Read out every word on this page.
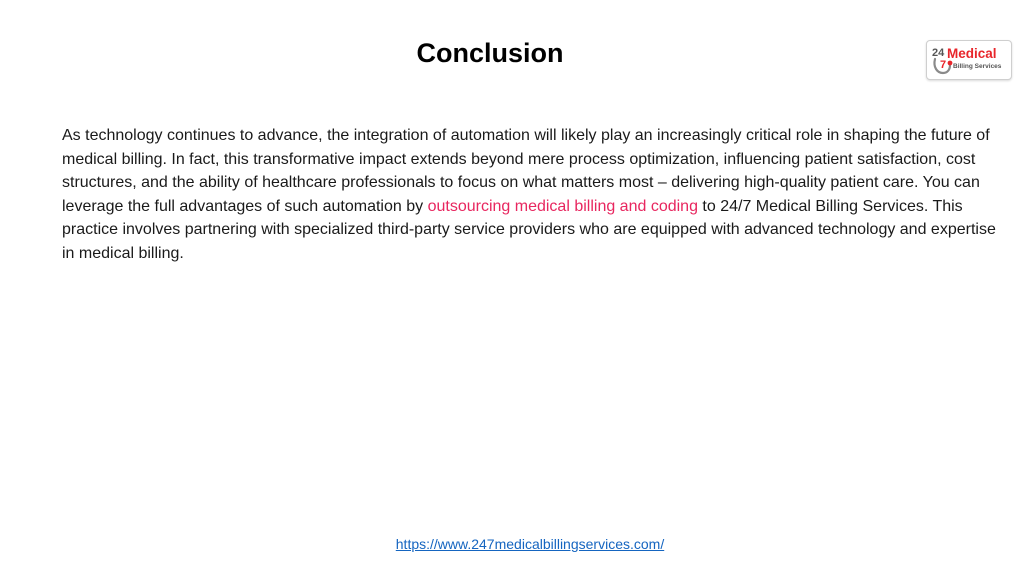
Conclusion	24
7
Medical
Billing Services

As technology continues to advance, the integration of automation will likely play an increasingly critical role in shaping the future of medical billing. In fact, this transformative impact extends beyond mere process optimization, influencing patient satisfaction, cost structures, and the ability of healthcare professionals to focus on what matters most – delivering high-quality patient care. You can leverage the full advantages of such automation by outsourcing medical billing and coding to 24/7 Medical Billing Services. This practice involves partnering with specialized third-party service providers who are equipped with advanced technology and expertise in medical billing.

https://www.247medicalbillingservices.com/
